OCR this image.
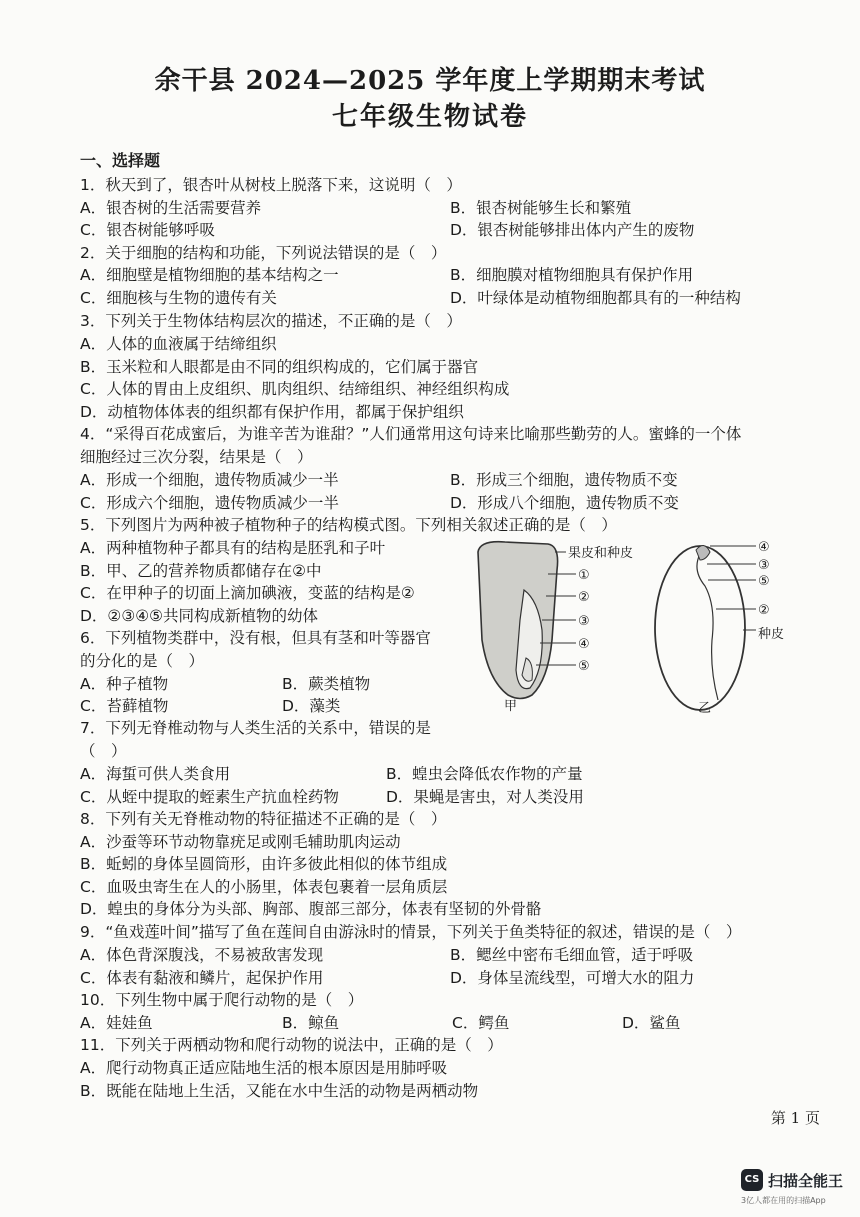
余干县 2024—2025 学年度上学期期末考试
七年级生物试卷
一、选择题
1．秋天到了，银杏叶从树枝上脱落下来，这说明（　）
A．银杏树的生活需要营养	B．银杏树能够生长和繁殖
C．银杏树能够呼吸	D．银杏树能够排出体内产生的废物
2．关于细胞的结构和功能，下列说法错误的是（　）
A．细胞壁是植物细胞的基本结构之一	B．细胞膜对植物细胞具有保护作用
C．细胞核与生物的遗传有关	D．叶绿体是动植物细胞都具有的一种结构
3．下列关于生物体结构层次的描述，不正确的是（　）
A．人体的血液属于结缔组织
B．玉米粒和人眼都是由不同的组织构成的，它们属于器官
C．人体的胃由上皮组织、肌肉组织、结缔组织、神经组织构成
D．动植物体体表的组织都有保护作用，都属于保护组织
4．“采得百花成蜜后，为谁辛苦为谁甜？”人们通常用这句诗来比喻那些勤劳的人。蜜蜂的一个体
细胞经过三次分裂，结果是（　）
A．形成一个细胞，遗传物质减少一半	B．形成三个细胞，遗传物质不变
C．形成六个细胞，遗传物质减少一半	D．形成八个细胞，遗传物质不变
5．下列图片为两种被子植物种子的结构模式图。下列相关叙述正确的是（　）
A．两种植物种子都具有的结构是胚乳和子叶
B．甲、乙的营养物质都储存在②中
C．在甲种子的切面上滴加碘液，变蓝的结构是②
D．②③④⑤共同构成新植物的幼体
6．下列植物类群中，没有根，但具有茎和叶等器官
的分化的是（　）
A．种子植物	B．蕨类植物
C．苔藓植物	D．藻类
7．下列无脊椎动物与人类生活的关系中，错误的是
（　）
A．海蜇可供人类食用	B．蝗虫会降低农作物的产量
C．从蛭中提取的蛭素生产抗血栓药物	D．果蝇是害虫，对人类没用
8．下列有关无脊椎动物的特征描述不正确的是（　）
A．沙蚕等环节动物靠疣足或刚毛辅助肌肉运动
B．蚯蚓的身体呈圆筒形，由许多彼此相似的体节组成
C．血吸虫寄生在人的小肠里，体表包裹着一层角质层
D．蝗虫的身体分为头部、胸部、腹部三部分，体表有坚韧的外骨骼
9．“鱼戏莲叶间”描写了鱼在莲间自由游泳时的情景，下列关于鱼类特征的叙述，错误的是（　）
A．体色背深腹浅，不易被敌害发现	B．鳃丝中密布毛细血管，适于呼吸
C．体表有黏液和鳞片，起保护作用	D．身体呈流线型，可增大水的阻力
10．下列生物中属于爬行动物的是（　）
A．娃娃鱼	B．鲸鱼	C．鳄鱼	D．鲨鱼
11．下列关于两栖动物和爬行动物的说法中，正确的是（　）
A．爬行动物真正适应陆地生活的根本原因是用肺呼吸
B．既能在陆地上生活，又能在水中生活的动物是两栖动物
果皮和种皮
①
②
③
④
⑤
甲
④
③
⑤
②
种皮
乙
第 1 页
CS 扫描全能王
3亿人都在用的扫描App
